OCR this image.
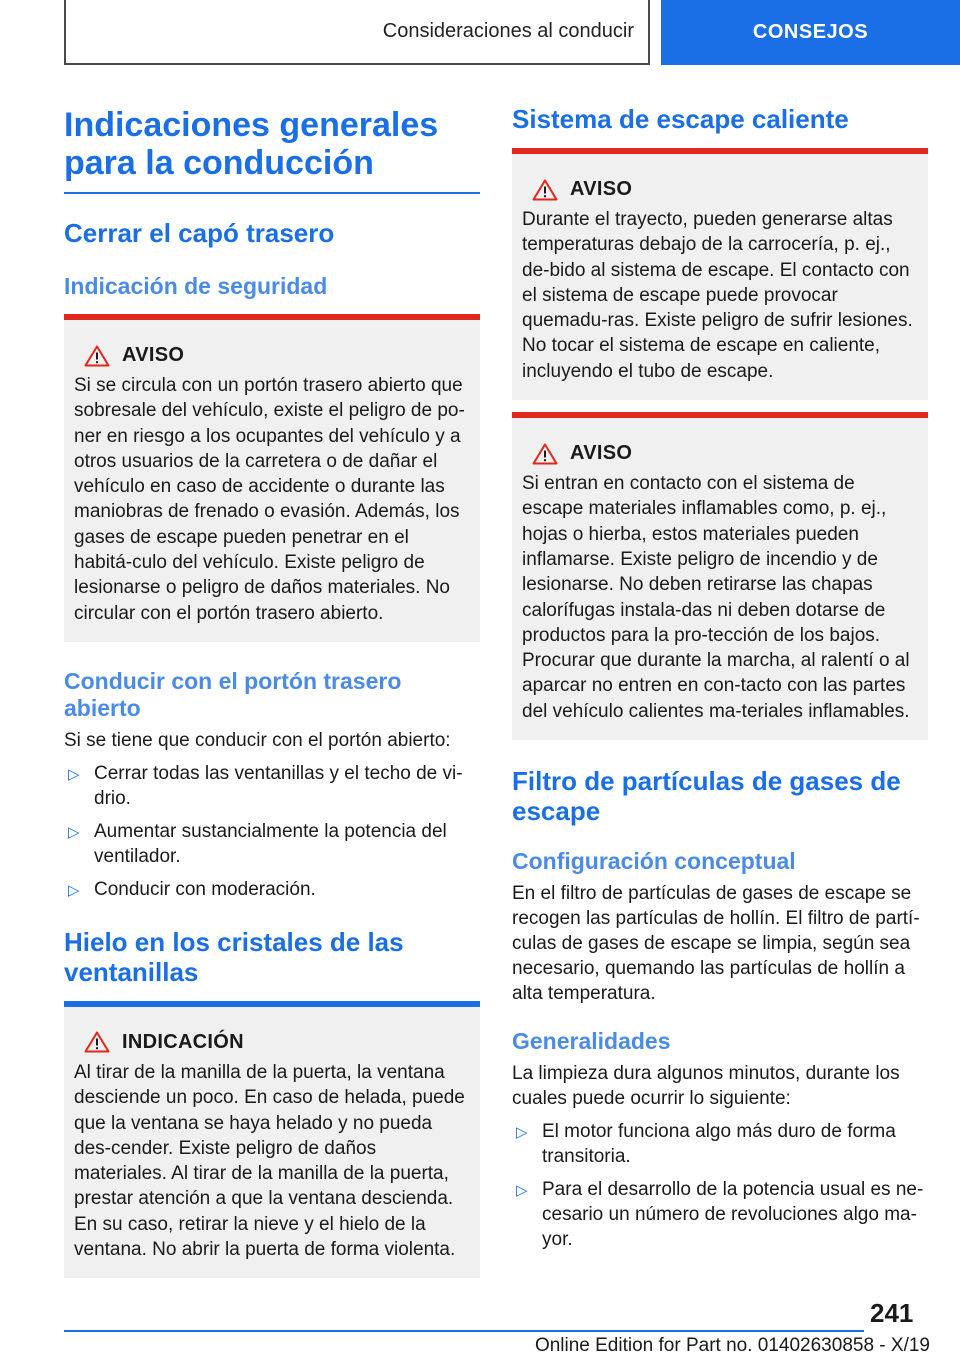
Consideraciones al conducir	CONSEJOS
Indicaciones generales para la conducción
Cerrar el capó trasero
Indicación de seguridad
AVISO

Si se circula con un portón trasero abierto que sobresale del vehículo, existe el peligro de po-ner en riesgo a los ocupantes del vehículo y a otros usuarios de la carretera o de dañar el vehículo en caso de accidente o durante las maniobras de frenado o evasión. Además, los gases de escape pueden penetrar en el habitá-culo del vehículo. Existe peligro de lesionarse o peligro de daños materiales. No circular con el portón trasero abierto.

Conducir con el portón trasero abierto

Si se tiene que conducir con el portón abierto:

▷ Cerrar todas las ventanillas y el techo de vi-drio.
▷ Aumentar sustancialmente la potencia del ventilador.
▷ Conducir con moderación.
Hielo en los cristales de las ventanillas
INDICACIÓN

Al tirar de la manilla de la puerta, la ventana desciende un poco. En caso de helada, puede que la ventana se haya helado y no pueda des-cender. Existe peligro de daños materiales. Al tirar de la manilla de la puerta, prestar atención a que la ventana descienda. En su caso, retirar la nieve y el hielo de la ventana. No abrir la puerta de forma violenta.

Sistema de escape caliente
AVISO

Durante el trayecto, pueden generarse altas temperaturas debajo de la carrocería, p. ej., de-bido al sistema de escape. El contacto con el sistema de escape puede provocar quemadu-ras. Existe peligro de sufrir lesiones. No tocar el sistema de escape en caliente, incluyendo el tubo de escape.

AVISO

Si entran en contacto con el sistema de escape materiales inflamables como, p. ej., hojas o hierba, estos materiales pueden inflamarse. Existe peligro de incendio y de lesionarse. No deben retirarse las chapas calorífugas instala-das ni deben dotarse de productos para la pro-tección de los bajos. Procurar que durante la marcha, al ralentí o al aparcar no entren en con-tacto con las partes del vehículo calientes ma-teriales inflamables.

Filtro de partículas de gases de escape
Configuración conceptual

En el filtro de partículas de gases de escape se recogen las partículas de hollín. El filtro de partí-culas de gases de escape se limpia, según sea necesario, quemando las partículas de hollín a alta temperatura.

Generalidades

La limpieza dura algunos minutos, durante los cuales puede ocurrir lo siguiente:

▷ El motor funciona algo más duro de forma transitoria.
▷ Para el desarrollo de la potencia usual es ne-cesario un número de revoluciones algo ma-yor.
241
Online Edition for Part no. 01402630858 - X/19
